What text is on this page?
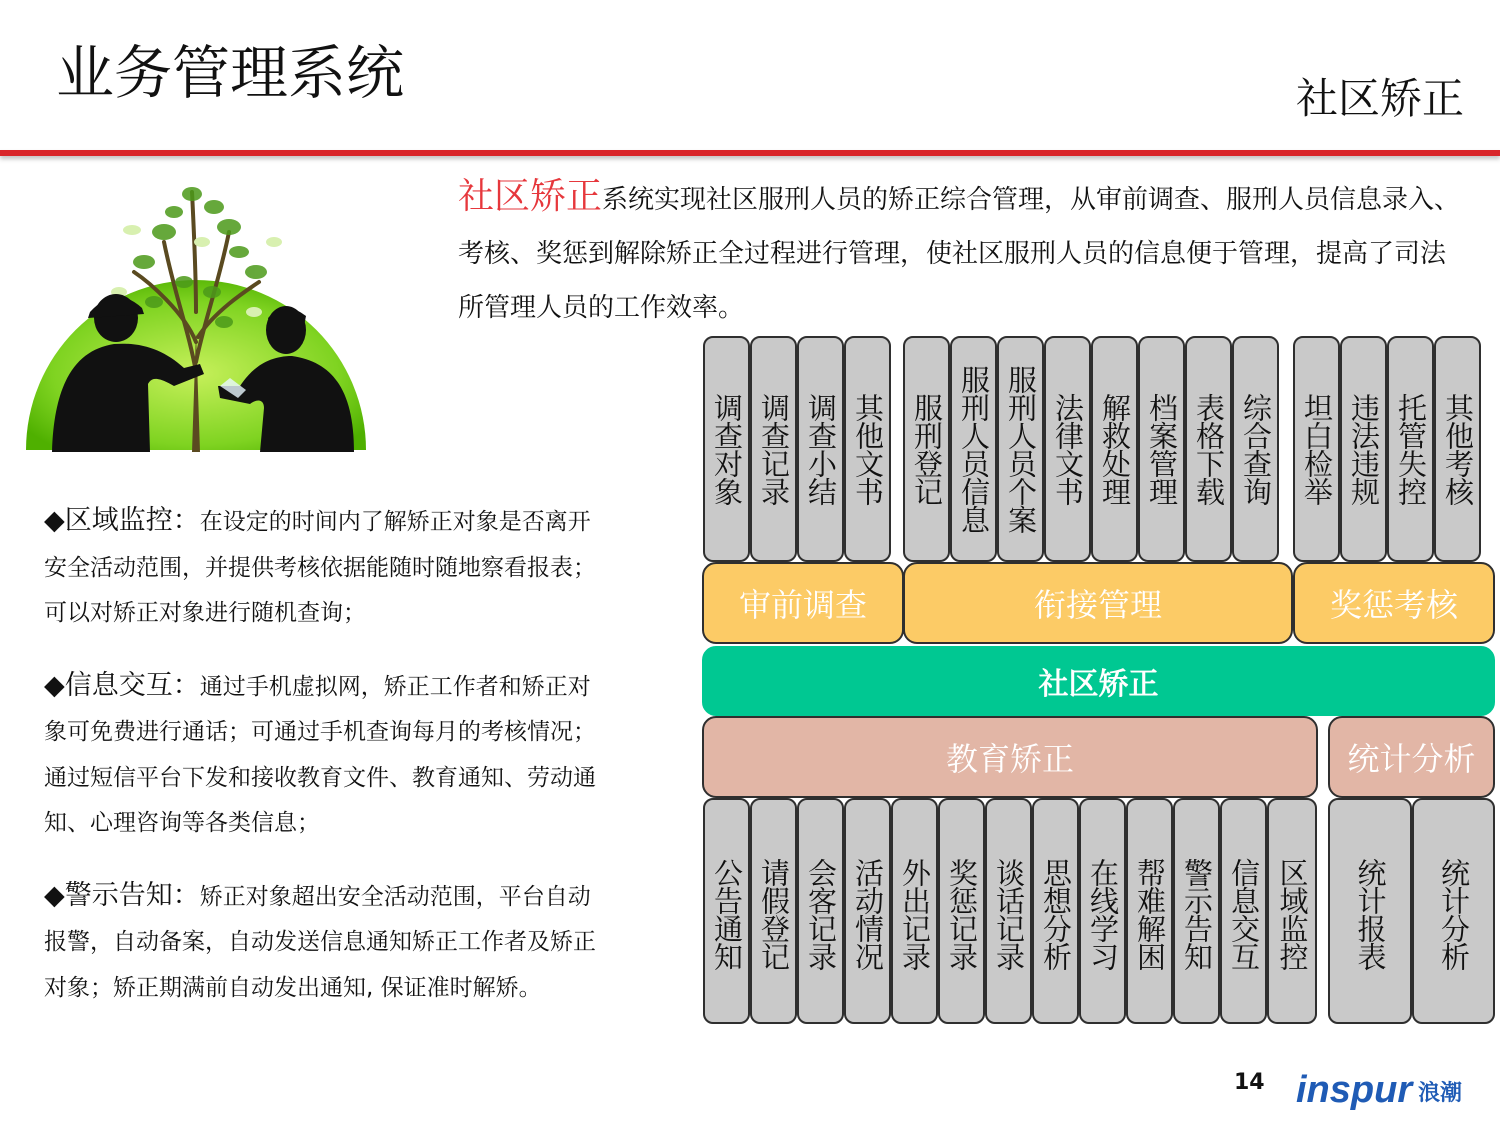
业务管理系统	社区矫正
社区矫正系统实现社区服刑人员的矫正综合管理，从审前调查、服刑人员信息录入、考核、奖惩到解除矫正全过程进行管理，使社区服刑人员的信息便于管理，提高了司法所管理人员的工作效率。
◆区域监控：在设定的时间内了解矫正对象是否离开安全活动范围，并提供考核依据能随时随地察看报表；可以对矫正对象进行随机查询；
◆信息交互：通过手机虚拟网，矫正工作者和矫正对象可免费进行通话；可通过手机查询每月的考核情况；通过短信平台下发和接收教育文件、教育通知、劳动通知、心理咨询等各类信息；
◆警示告知：矫正对象超出安全活动范围，平台自动报警，自动备案，自动发送信息通知矫正工作者及矫正对象；矫正期满前自动发出通知, 保证准时解矫。
调查对象 调查记录 调查小结 其他文书 服刑登记 服刑人员信息 服刑人员个案 法律文书 解救处理 档案管理 表格下载 综合查询 坦白检举 违法违规 托管失控 其他考核
审前调查	衔接管理	奖惩考核
社区矫正
教育矫正	统计分析
公告通知 请假登记 会客记录 活动情况 外出记录 奖惩记录 谈话记录 思想分析 在线学习 帮难解困 警示告知 信息交互 区域监控 统计报表 统计分析
14 inspur 浪潮
